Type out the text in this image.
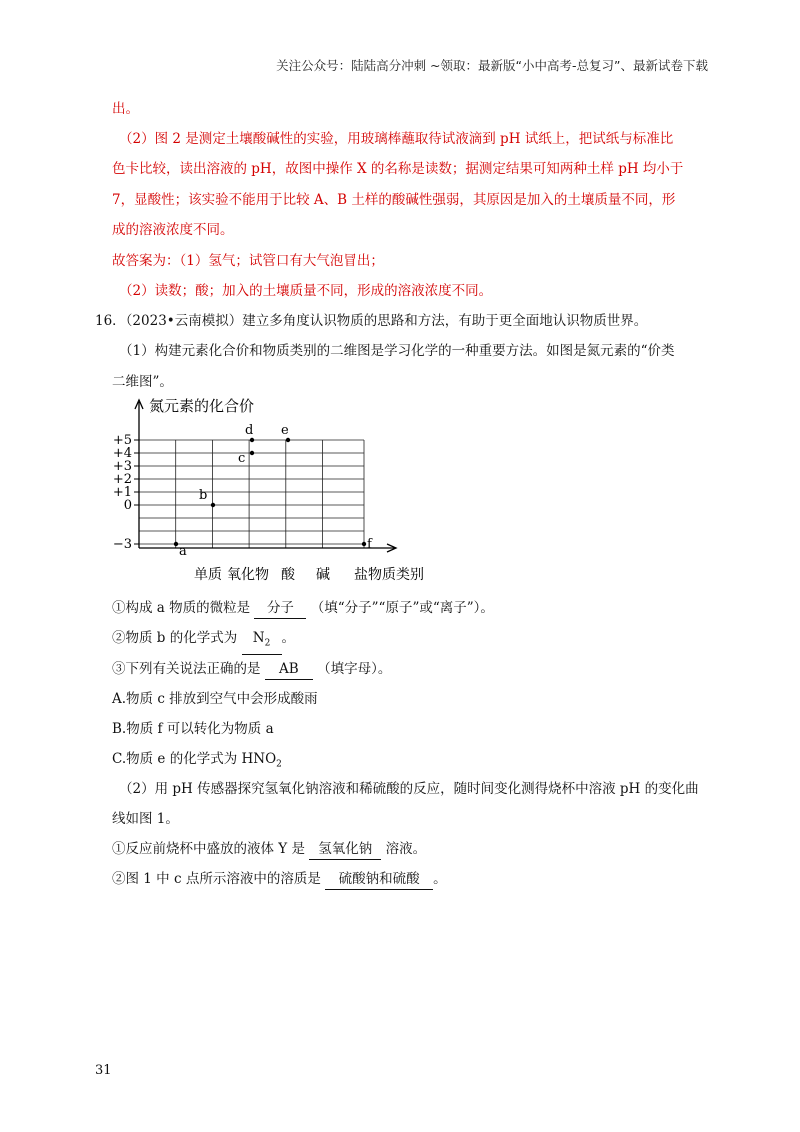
关注公众号：陆陆高分冲刺 ~领取：最新版“小中高考-总复习”、最新试卷下载
出。
（2）图 2 是测定土壤酸碱性的实验，用玻璃棒蘸取待试液滴到 pH 试纸上，把试纸与标准比
色卡比较，读出溶液的 pH，故图中操作 X 的名称是读数；据测定结果可知两种土样 pH 均小于
7，显酸性；该实验不能用于比较 A、B 土样的酸碱性强弱，其原因是加入的土壤质量不同，形
成的溶液浓度不同。
故答案为：（1）氢气；试管口有大气泡冒出；
（2）读数；酸；加入的土壤质量不同，形成的溶液浓度不同。
16．（2023•云南模拟）建立多角度认识物质的思路和方法，有助于更全面地认识物质世界。
（1）构建元素化合价和物质类别的二维图是学习化学的一种重要方法。如图是氮元素的“价类
二维图”。
+5
+4
+3
+2
+1
0
−3
单质 氧化物 酸 碱 盐
a
b
c
d e
f
氮元素的化合价
物质类别
①构成 a 物质的微粒是 分子 （填“分子”“原子”或“离子”）。
②物质 b 的化学式为 $N_2$ 。
③下列有关说法正确的是 AB （填字母）。
A.物质 c 排放到空气中会形成酸雨
B.物质 f 可以转化为物质 a
C.物质 e 的化学式为 $HNO_2$
（2）用 pH 传感器探究氢氧化钠溶液和稀硫酸的反应，随时间变化测得烧杯中溶液 pH 的变化曲
线如图 1。
①反应前烧杯中盛放的液体 Y 是 氢氧化钠 溶液。
②图 1 中 c 点所示溶液中的溶质是 硫酸钠和硫酸 。
31
